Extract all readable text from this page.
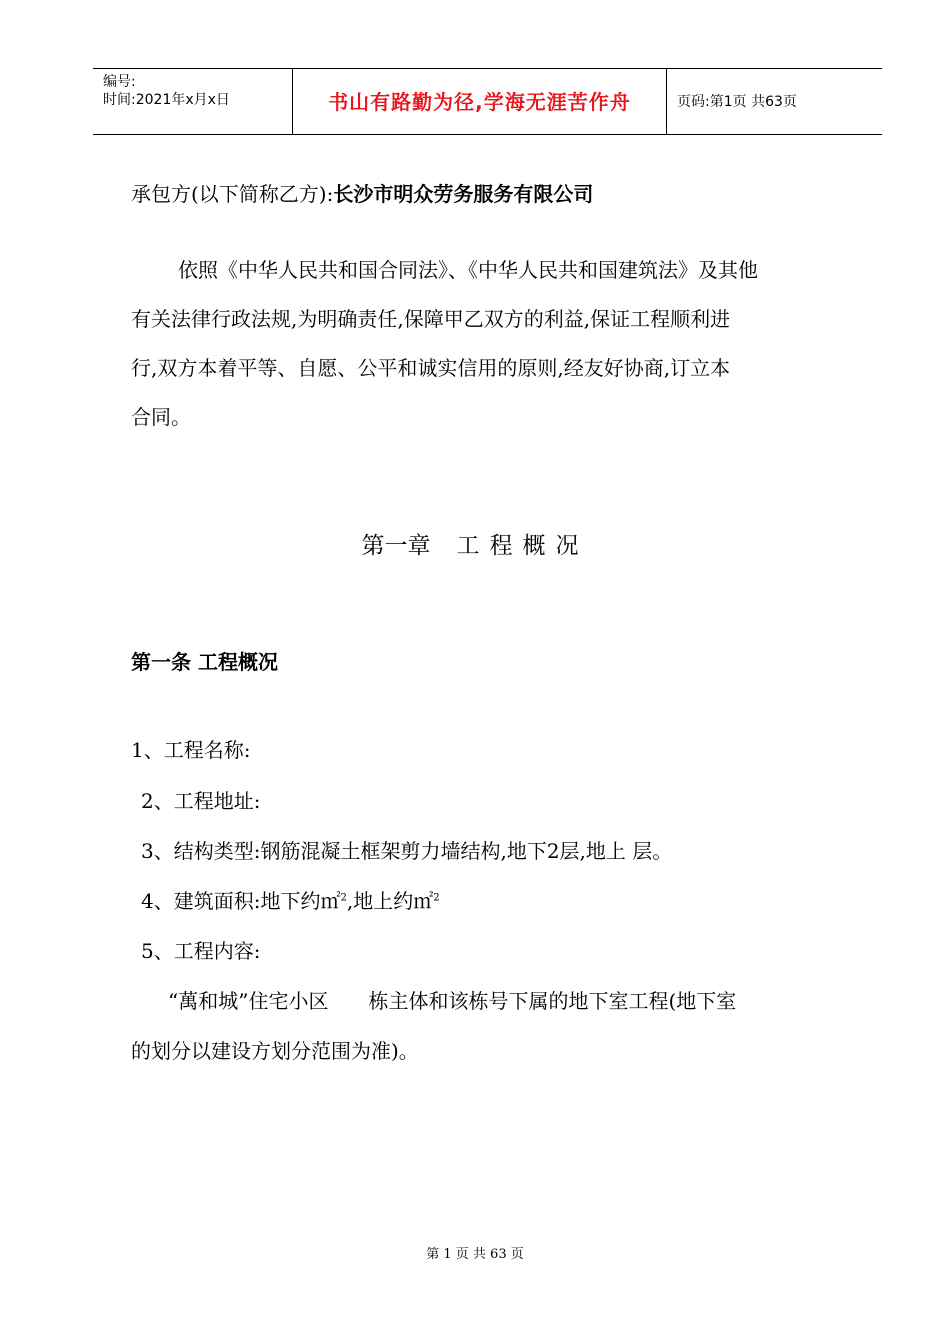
编号:
时间:2021年x月x日	书山有路勤为径,学海无涯苦作舟	页码:第1页 共63页
承包方(以下简称乙方):长沙市明众劳务服务有限公司
依照《中华人民共和国合同法》、《中华人民共和国建筑法》及其他
有关法律行政法规,为明确责任,保障甲乙双方的利益,保证工程顺利进
行,双方本着平等、自愿、公平和诚实信用的原则,经友好协商,订立本
合同。
第一章 工程概况
第一条 工程概况
1、工程名称:
2、工程地址:
3、结构类型:钢筋混凝土框架剪力墙结构,地下2层,地上 层。
4、建筑面积:地下约㎡$^2$,地上约㎡$^2$
5、工程内容:
“萬和城”住宅小区　　栋主体和该栋号下属的地下室工程(地下室
的划分以建设方划分范围为准)。
第 1 页 共 63 页
